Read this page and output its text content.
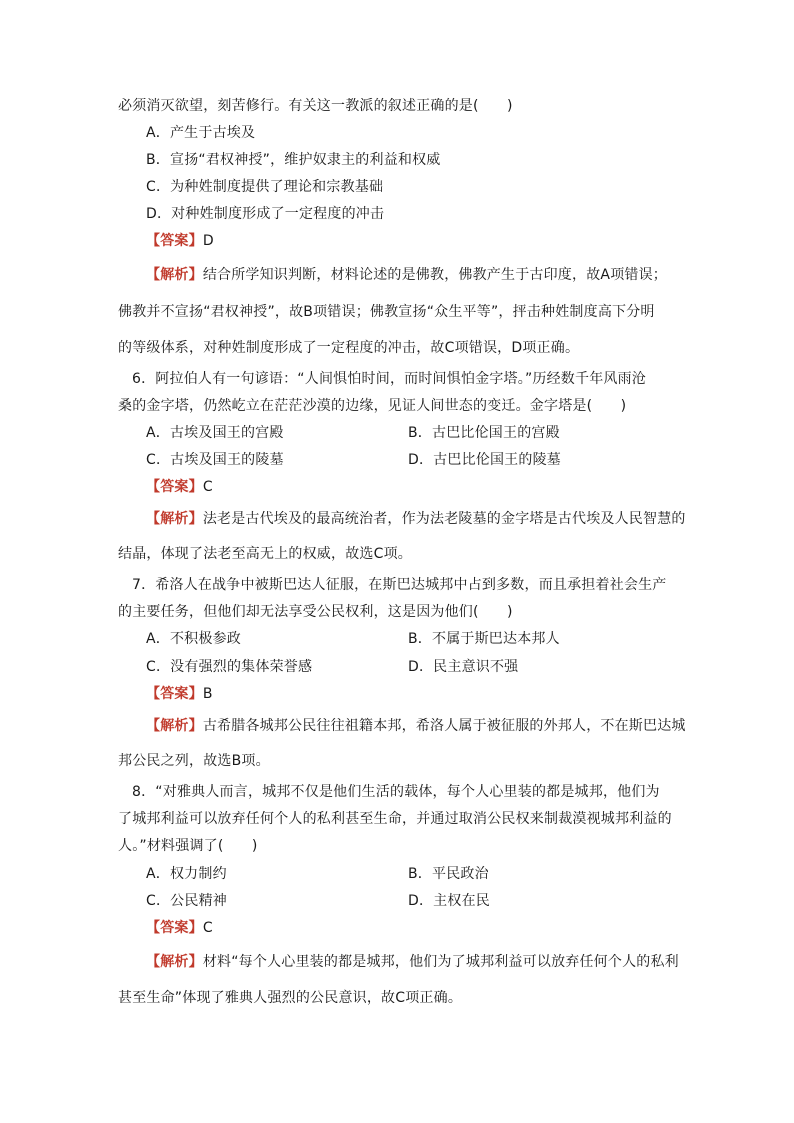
必须消灭欲望，刻苦修行。有关这一教派的叙述正确的是(　　)
A．产生于古埃及
B．宣扬“君权神授”，维护奴隶主的利益和权威
C．为种姓制度提供了理论和宗教基础
D．对种姓制度形成了一定程度的冲击
【答案】D
【解析】结合所学知识判断，材料论述的是佛教，佛教产生于古印度，故A项错误；
佛教并不宣扬“君权神授”，故B项错误；佛教宣扬“众生平等”，抨击种姓制度高下分明
的等级体系，对种姓制度形成了一定程度的冲击，故C项错误，D项正确。
6．阿拉伯人有一句谚语：“人间惧怕时间，而时间惧怕金字塔。”历经数千年风雨沧
桑的金字塔，仍然屹立在茫茫沙漠的边缘，见证人间世态的变迁。金字塔是(　　)
A．古埃及国王的宫殿	B．古巴比伦国王的宫殿
C．古埃及国王的陵墓	D．古巴比伦国王的陵墓
【答案】C
【解析】法老是古代埃及的最高统治者，作为法老陵墓的金字塔是古代埃及人民智慧的
结晶，体现了法老至高无上的权威，故选C项。
7．希洛人在战争中被斯巴达人征服，在斯巴达城邦中占到多数，而且承担着社会生产
的主要任务，但他们却无法享受公民权利，这是因为他们(　　)
A．不积极参政	B．不属于斯巴达本邦人
C．没有强烈的集体荣誉感	D．民主意识不强
【答案】B
【解析】古希腊各城邦公民往往祖籍本邦，希洛人属于被征服的外邦人，不在斯巴达城
邦公民之列，故选B项。
8．“对雅典人而言，城邦不仅是他们生活的载体，每个人心里装的都是城邦，他们为
了城邦利益可以放弃任何个人的私利甚至生命，并通过取消公民权来制裁漠视城邦利益的
人。”材料强调了(　　)
A．权力制约	B．平民政治
C．公民精神	D．主权在民
【答案】C
【解析】材料“每个人心里装的都是城邦，他们为了城邦利益可以放弃任何个人的私利
甚至生命”体现了雅典人强烈的公民意识，故C项正确。
